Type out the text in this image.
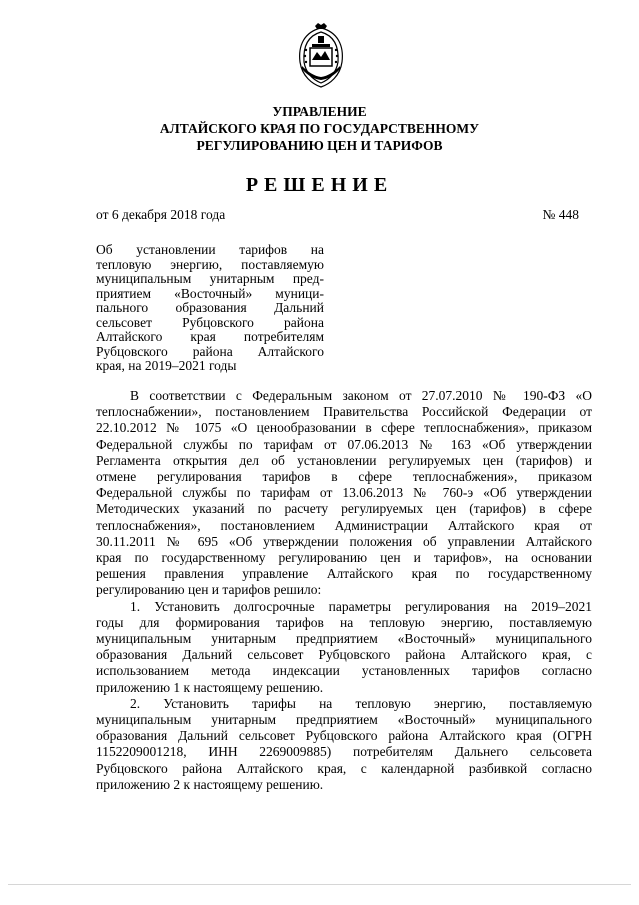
УПРАВЛЕНИЕ
АЛТАЙСКОГО КРАЯ ПО ГОСУДАРСТВЕННОМУ
РЕГУЛИРОВАНИЮ ЦЕН И ТАРИФОВ
РЕШЕНИЕ
от 6 декабря 2018 года	№ 448
Об установлении тарифов на
тепловую энергию, поставляемую
муниципальным унитарным пред-
приятием «Восточный» муници-
пального образования Дальний
сельсовет Рубцовского района
Алтайского края потребителям
Рубцовского района Алтайского
края, на 2019–2021 годы
В соответствии с Федеральным законом от 27.07.2010 № 190-ФЗ «О
теплоснабжении», постановлением Правительства Российской Федерации от
22.10.2012 № 1075 «О ценообразовании в сфере теплоснабжения», приказом
Федеральной службы по тарифам от 07.06.2013 № 163 «Об утверждении
Регламента открытия дел об установлении регулируемых цен (тарифов) и
отмене регулирования тарифов в сфере теплоснабжения», приказом
Федеральной службы по тарифам от 13.06.2013 № 760-э «Об утверждении
Методических указаний по расчету регулируемых цен (тарифов) в сфере
теплоснабжения», постановлением Администрации Алтайского края от
30.11.2011 № 695 «Об утверждении положения об управлении Алтайского
края по государственному регулированию цен и тарифов», на основании
решения правления управление Алтайского края по государственному
регулированию цен и тарифов решило:
1. Установить долгосрочные параметры регулирования на 2019–2021
годы для формирования тарифов на тепловую энергию, поставляемую
муниципальным унитарным предприятием «Восточный» муниципального
образования Дальний сельсовет Рубцовского района Алтайского края, с
использованием метода индексации установленных тарифов согласно
приложению 1 к настоящему решению.
2. Установить тарифы на тепловую энергию, поставляемую
муниципальным унитарным предприятием «Восточный» муниципального
образования Дальний сельсовет Рубцовского района Алтайского края (ОГРН
1152209001218, ИНН 2269009885) потребителям Дальнего сельсовета
Рубцовского района Алтайского края, с календарной разбивкой согласно
приложению 2 к настоящему решению.
